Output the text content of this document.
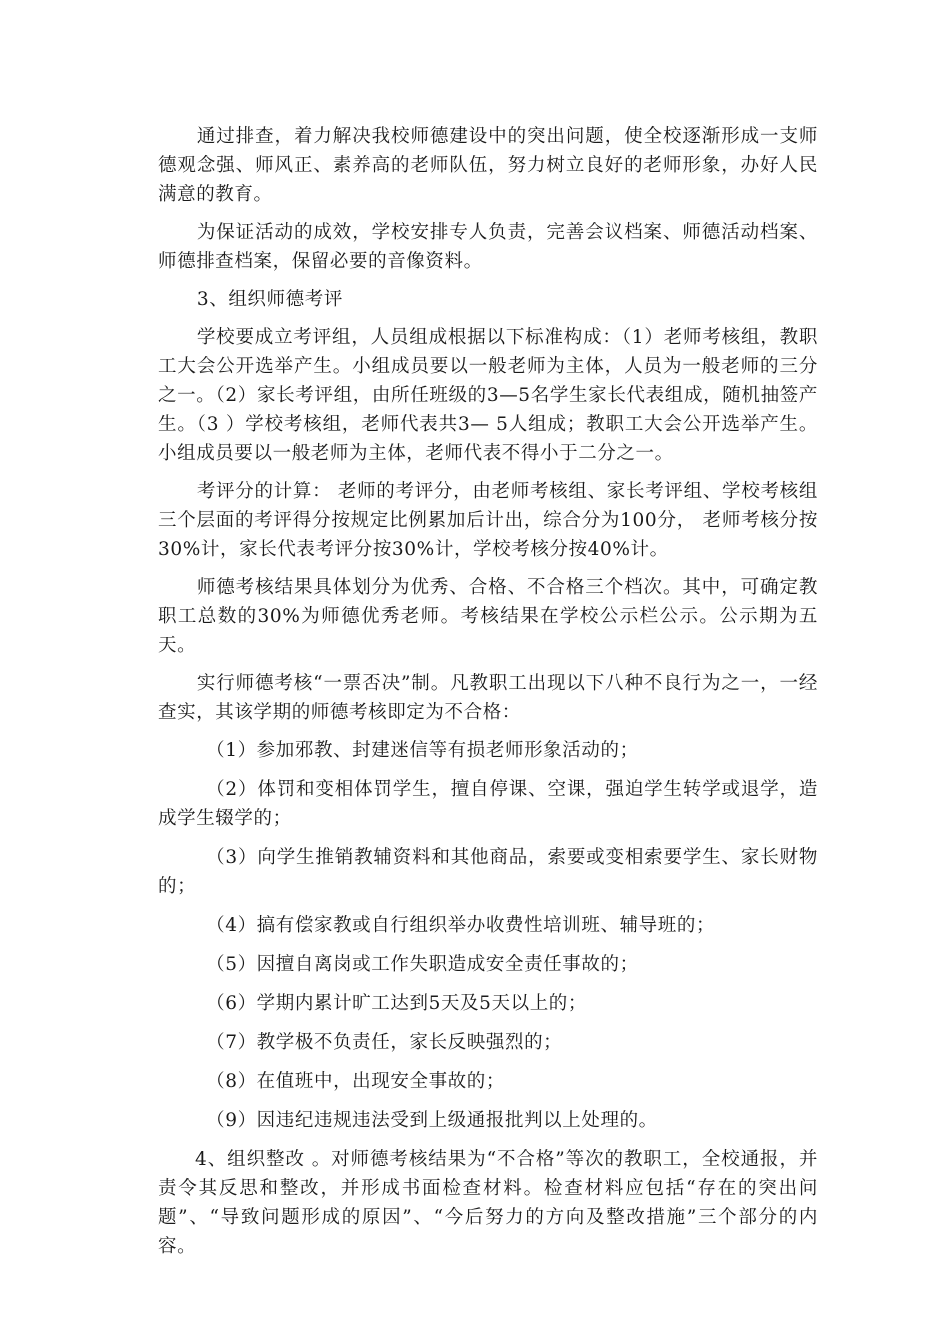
通过排查，着力解决我校师德建设中的突出问题，使全校逐渐形成一支师德观念强、师风正、素养高的老师队伍，努力树立良好的老师形象，办好人民满意的教育。

为保证活动的成效，学校安排专人负责，完善会议档案、师德活动档案、师德排查档案，保留必要的音像资料。

3、组织师德考评

学校要成立考评组，人员组成根据以下标准构成：（1）老师考核组，教职工大会公开选举产生。小组成员要以一般老师为主体，人员为一般老师的三分之一。（2）家长考评组，由所任班级的3—5名学生家长代表组成，随机抽签产生。（3 ）学校考核组，老师代表共3— 5人组成；教职工大会公开选举产生。小组成员要以一般老师为主体，老师代表不得小于二分之一。

考评分的计算： 老师的考评分，由老师考核组、家长考评组、学校考核组三个层面的考评得分按规定比例累加后计出，综合分为100分， 老师考核分按30%计，家长代表考评分按30%计，学校考核分按40%计。

师德考核结果具体划分为优秀、合格、不合格三个档次。其中，可确定教职工总数的30%为师德优秀老师。考核结果在学校公示栏公示。公示期为五天。

实行师德考核“一票否决”制。凡教职工出现以下八种不良行为之一，一经查实，其该学期的师德考核即定为不合格：

（1）参加邪教、封建迷信等有损老师形象活动的；

（2）体罚和变相体罚学生，擅自停课、空课，强迫学生转学或退学，造成学生辍学的；

（3）向学生推销教辅资料和其他商品，索要或变相索要学生、家长财物的；

（4）搞有偿家教或自行组织举办收费性培训班、辅导班的；

（5）因擅自离岗或工作失职造成安全责任事故的；

（6）学期内累计旷工达到5天及5天以上的；

（7）教学极不负责任，家长反映强烈的；

（8）在值班中，出现安全事故的；

（9）因违纪违规违法受到上级通报批判以上处理的。

4、组织整改 。对师德考核结果为“不合格”等次的教职工，全校通报，并责令其反思和整改，并形成书面检查材料。检查材料应包括“存在的突出问题”、“导致问题形成的原因”、“今后努力的方向及整改措施”三个部分的内容。
